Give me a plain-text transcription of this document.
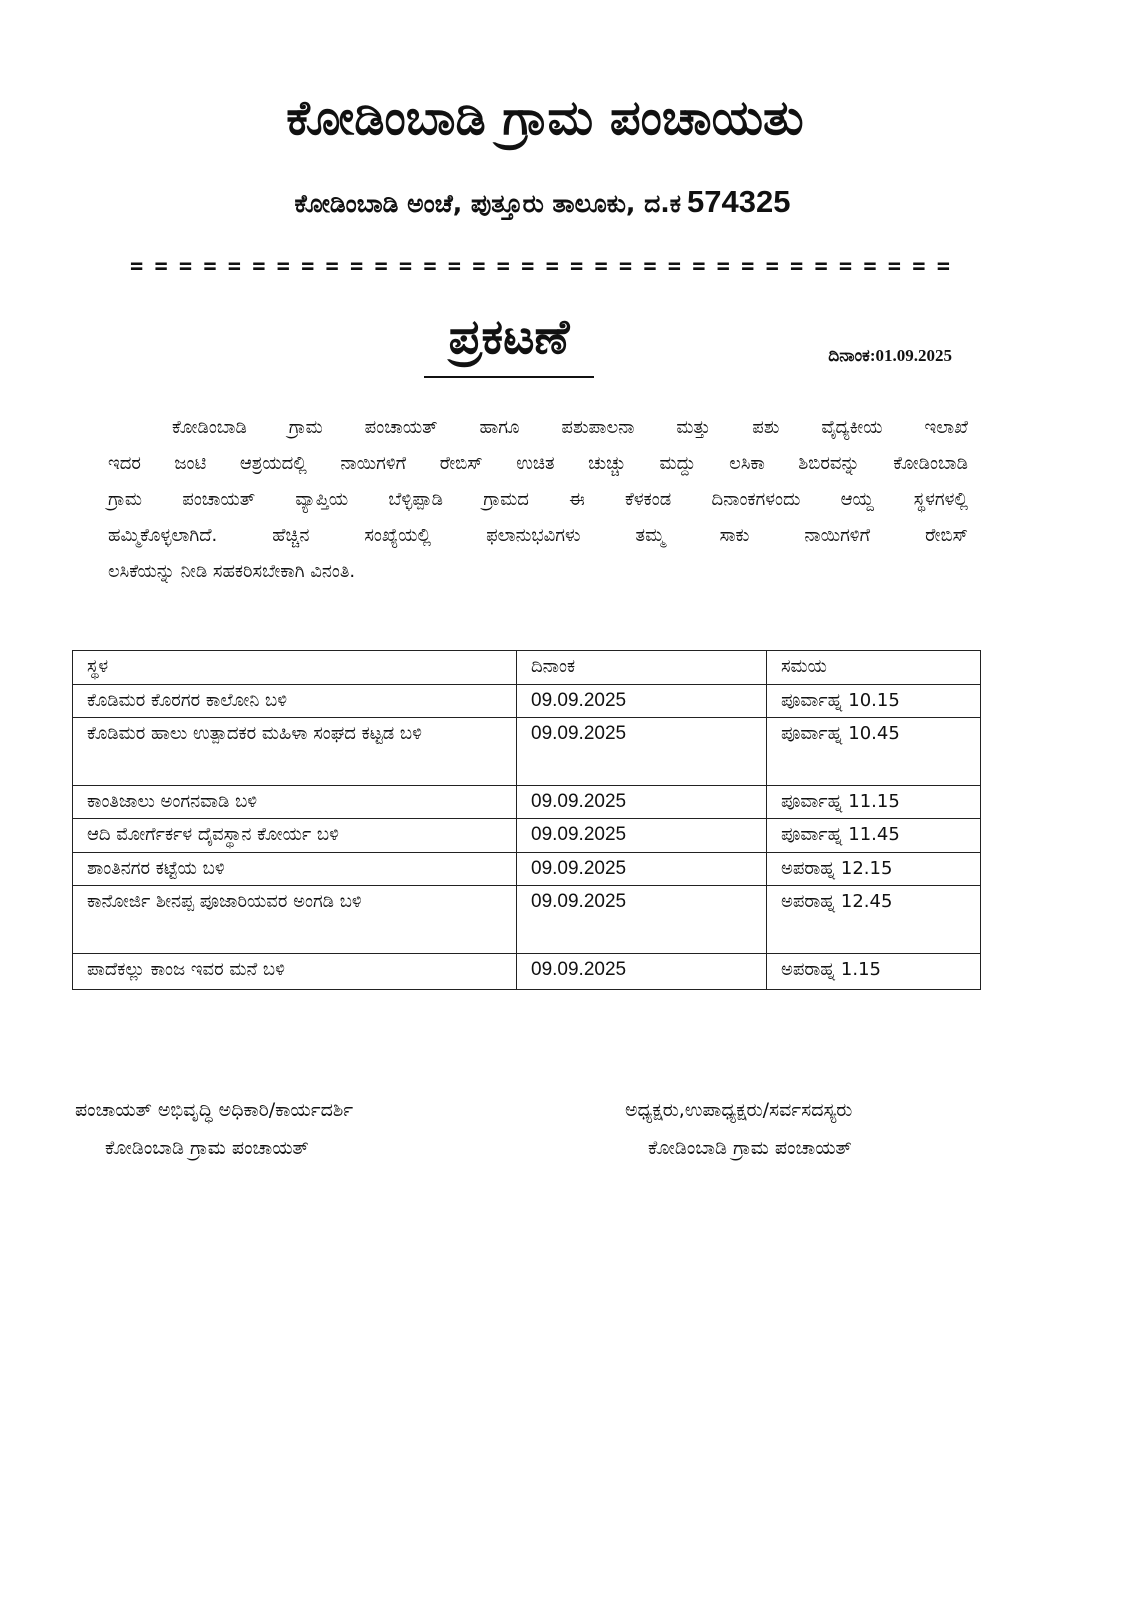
ಕೋಡಿಂಬಾಡಿ ಗ್ರಾಮ ಪಂಚಾಯತು
ಕೋಡಿಂಬಾಡಿ ಅಂಚೆ, ಪುತ್ತೂರು ತಾಲೂಕು, ದ.ಕ 574325
==================================
ಪ್ರಕಟಣೆ	ದಿನಾಂಕ:01.09.2025
ಕೋಡಿಂಬಾಡಿ ಗ್ರಾಮ ಪಂಚಾಯತ್ ಹಾಗೂ ಪಶುಪಾಲನಾ ಮತ್ತು ಪಶು ವೈದ್ಯಕೀಯ ಇಲಾಖೆ
ಇದರ ಜಂಟಿ ಆಶ್ರಯದಲ್ಲಿ ನಾಯಿಗಳಿಗೆ ರೇಬಿಸ್ ಉಚಿತ ಚುಚ್ಚು ಮದ್ದು ಲಸಿಕಾ ಶಿಬಿರವನ್ನು ಕೋಡಿಂಬಾಡಿ
ಗ್ರಾಮ ಪಂಚಾಯತ್ ವ್ಯಾಪ್ತಿಯ ಬೆಳ್ಳಿಪ್ಪಾಡಿ ಗ್ರಾಮದ ಈ ಕೆಳಕಂಡ ದಿನಾಂಕಗಳಂದು ಆಯ್ದ ಸ್ಥಳಗಳಲ್ಲಿ
ಹಮ್ಮಿಕೊಳ್ಳಲಾಗಿದೆ. ಹೆಚ್ಚಿನ ಸಂಖ್ಯೆಯಲ್ಲಿ ಫಲಾನುಭವಿಗಳು ತಮ್ಮ ಸಾಕು ನಾಯಿಗಳಿಗೆ ರೇಬಿಸ್
ಲಸಿಕೆಯನ್ನು ನೀಡಿ ಸಹಕರಿಸಬೇಕಾಗಿ ವಿನಂತಿ.
ಸ್ಥಳ	ದಿನಾಂಕ	ಸಮಯ
ಕೊಡಿಮರ ಕೊರಗರ ಕಾಲೋನಿ ಬಳಿ	09.09.2025	ಪೂರ್ವಾಹ್ನ 10.15
ಕೊಡಿಮರ ಹಾಲು ಉತ್ಪಾದಕರ ಮಹಿಳಾ ಸಂಘದ ಕಟ್ಟಡ ಬಳಿ	09.09.2025	ಪೂರ್ವಾಹ್ನ 10.45
ಕಾಂತಿಜಾಲು ಅಂಗನವಾಡಿ ಬಳಿ	09.09.2025	ಪೂರ್ವಾಹ್ನ 11.15
ಆದಿ ಮೋರ್ಗೆರ್ಕಳ ದೈವಸ್ಥಾನ ಕೋರ್ಯ ಬಳಿ	09.09.2025	ಪೂರ್ವಾಹ್ನ 11.45
ಶಾಂತಿನಗರ ಕಟ್ಟೆಯ ಬಳಿ	09.09.2025	ಅಪರಾಹ್ನ 12.15
ಕಾನೋರ್ಜಿ ಶೀನಪ್ಪ ಪೂಜಾರಿಯವರ ಅಂಗಡಿ ಬಳಿ	09.09.2025	ಅಪರಾಹ್ನ 12.45
ಪಾದೆಕಲ್ಲು ಕಾಂಜ ಇವರ ಮನೆ ಬಳಿ	09.09.2025	ಅಪರಾಹ್ನ 1.15
ಪಂಚಾಯತ್ ಅಭಿವೃದ್ಧಿ ಅಧಿಕಾರಿ/ಕಾರ್ಯದರ್ಶಿ
ಕೋಡಿಂಬಾಡಿ ಗ್ರಾಮ ಪಂಚಾಯತ್
ಅಧ್ಯಕ್ಷರು,ಉಪಾಧ್ಯಕ್ಷರು/ಸರ್ವಸದಸ್ಯರು
ಕೋಡಿಂಬಾಡಿ ಗ್ರಾಮ ಪಂಚಾಯತ್
